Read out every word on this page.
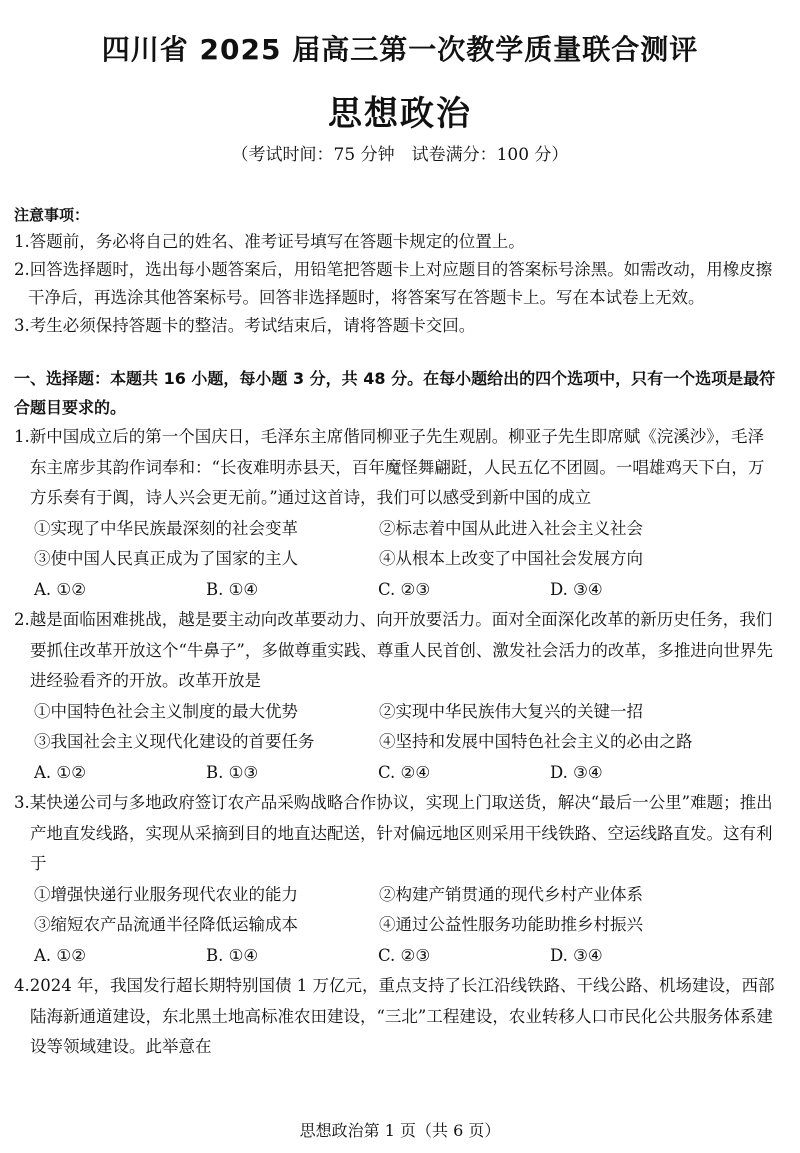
四川省 2025 届高三第一次教学质量联合测评
思想政治
（考试时间：75 分钟　试卷满分：100 分）
注意事项：
1.答题前，务必将自己的姓名、准考证号填写在答题卡规定的位置上。
2.回答选择题时，选出每小题答案后，用铅笔把答题卡上对应题目的答案标号涂黑。如需改动，用橡皮擦干净后，再选涂其他答案标号。回答非选择题时，将答案写在答题卡上。写在本试卷上无效。
3.考生必须保持答题卡的整洁。考试结束后，请将答题卡交回。
一、选择题：本题共 16 小题，每小题 3 分，共 48 分。在每小题给出的四个选项中，只有一个选项是最符合题目要求的。
1.新中国成立后的第一个国庆日，毛泽东主席偕同柳亚子先生观剧。柳亚子先生即席赋《浣溪沙》，毛泽东主席步其韵作词奉和：“长夜难明赤县天，百年魔怪舞翩跹，人民五亿不团圆。一唱雄鸡天下白，万方乐奏有于阗，诗人兴会更无前。”通过这首诗，我们可以感受到新中国的成立
①实现了中华民族最深刻的社会变革	②标志着中国从此进入社会主义社会
③使中国人民真正成为了国家的主人	④从根本上改变了中国社会发展方向
A. ①②	B. ①④	C. ②③	D. ③④
2.越是面临困难挑战，越是要主动向改革要动力、向开放要活力。面对全面深化改革的新历史任务，我们要抓住改革开放这个“牛鼻子”，多做尊重实践、尊重人民首创、激发社会活力的改革，多推进向世界先进经验看齐的开放。改革开放是
①中国特色社会主义制度的最大优势	②实现中华民族伟大复兴的关键一招
③我国社会主义现代化建设的首要任务	④坚持和发展中国特色社会主义的必由之路
A. ①②	B. ①③	C. ②④	D. ③④
3.某快递公司与多地政府签订农产品采购战略合作协议，实现上门取送货，解决“最后一公里”难题；推出产地直发线路，实现从采摘到目的地直达配送，针对偏远地区则采用干线铁路、空运线路直发。这有利于
①增强快递行业服务现代农业的能力	②构建产销贯通的现代乡村产业体系
③缩短农产品流通半径降低运输成本	④通过公益性服务功能助推乡村振兴
A. ①②	B. ①④	C. ②③	D. ③④
4.2024 年，我国发行超长期特别国债 1 万亿元，重点支持了长江沿线铁路、干线公路、机场建设，西部陆海新通道建设，东北黑土地高标准农田建设，“三北”工程建设，农业转移人口市民化公共服务体系建设等领域建设。此举意在
思想政治第 1 页（共 6 页）
